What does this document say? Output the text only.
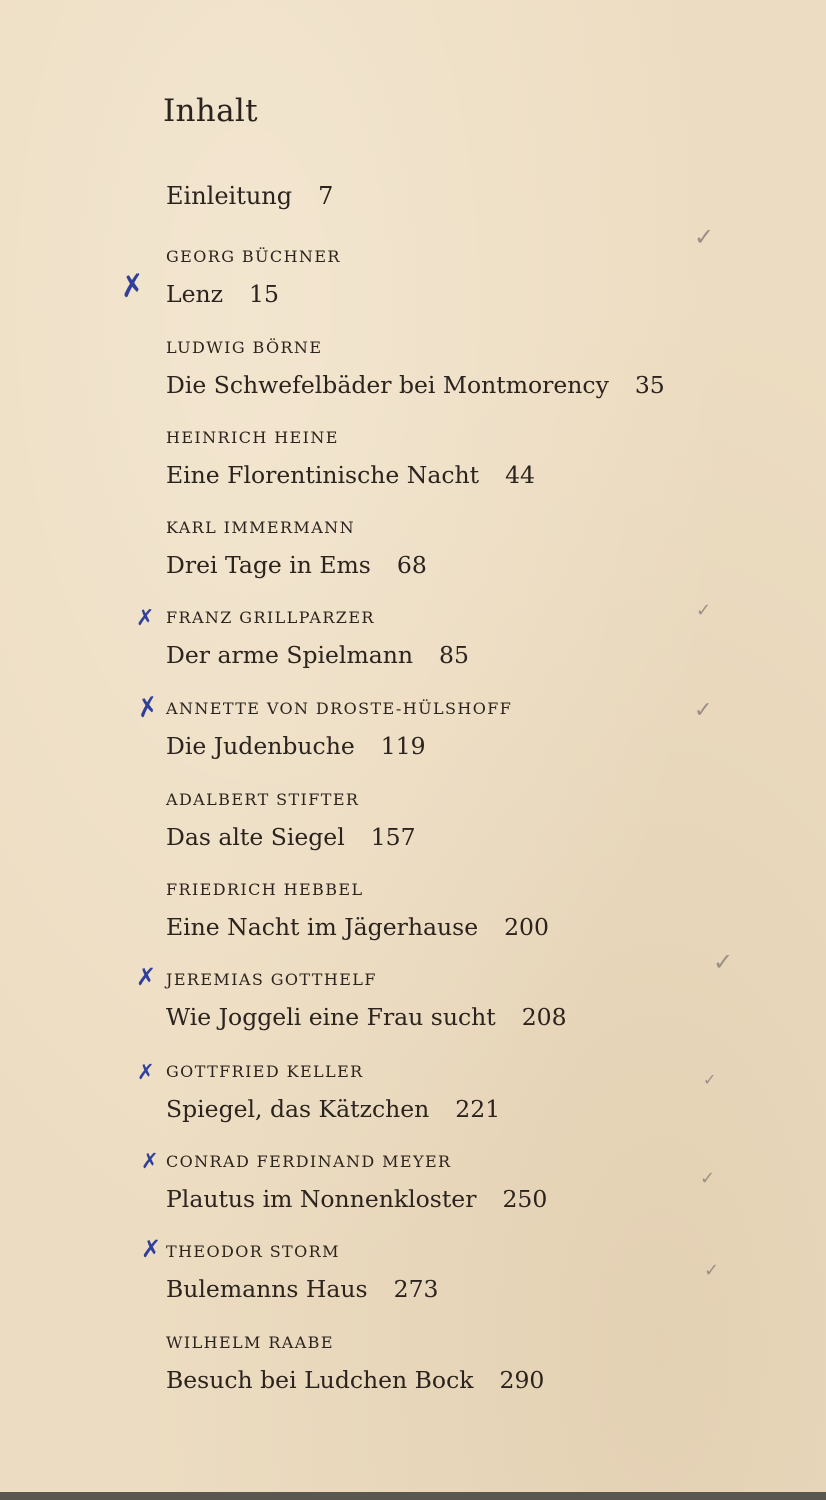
Inhalt
Einleitung 7
GEORG BÜCHNER
Lenz 15
LUDWIG BÖRNE
Die Schwefelbäder bei Montmorency 35
HEINRICH HEINE
Eine Florentinische Nacht 44
KARL IMMERMANN
Drei Tage in Ems 68
FRANZ GRILLPARZER
Der arme Spielmann 85
ANNETTE VON DROSTE-HÜLSHOFF
Die Judenbuche 119
ADALBERT STIFTER
Das alte Siegel 157
FRIEDRICH HEBBEL
Eine Nacht im Jägerhause 200
JEREMIAS GOTTHELF
Wie Joggeli eine Frau sucht 208
GOTTFRIED KELLER
Spiegel, das Kätzchen 221
CONRAD FERDINAND MEYER
Plautus im Nonnenkloster 250
THEODOR STORM
Bulemanns Haus 273
WILHELM RAABE
Besuch bei Ludchen Bock 290
✗
✗
✗
✗
✗
✗
✗
✓
✓
✓
✓
✓
✓
✓
